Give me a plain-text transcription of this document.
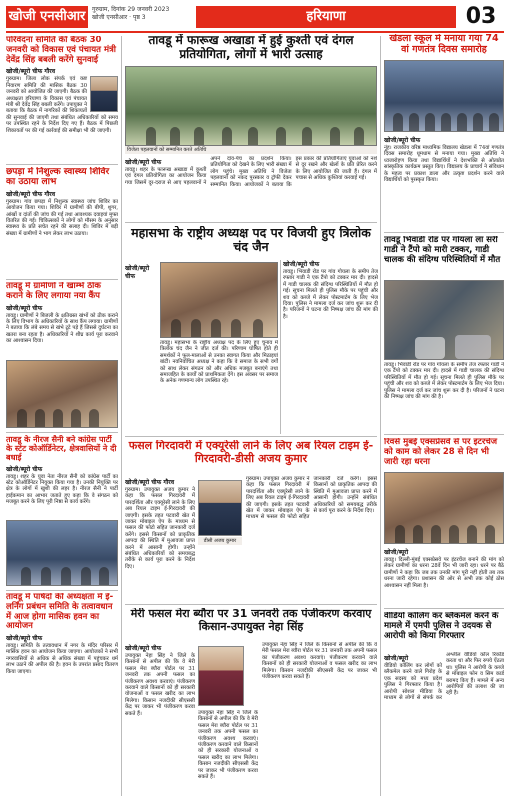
खोजी एनसीआर	गुरुग्राम, दिनांक 29 जनवरी 2023
खोजी एनसीआर · पृष्ठ 3	हरियाणा	03
परिवेदना समिति की बैठक 30 जनवरी को विकास एवं पंचायत मंत्री देवेंद्र सिंह बबली करेंगे सुनवाई
खोजी/ब्यूरो चीफ गौरव
गुरुग्राम। जिला लोक संपर्क एवं कष्ट निवारण समिति की मासिक बैठक 30 जनवरी को आयोजित की जाएगी। बैठक की अध्यक्षता हरियाणा के विकास एवं पंचायत मंत्री श्री देवेंद्र सिंह बबली करेंगे। उपायुक्त ने बताया कि बैठक में नागरिकों की शिकायतों की सुनवाई की जाएगी तथा संबंधित अधिकारियों को समय पर उपस्थित रहने के निर्देश दिए गए हैं। बैठक में पिछली शिकायतों पर की गई कार्रवाई की समीक्षा भी की जाएगी।
छपड़ा में निशुल्क स्वास्थ्य शिविर का उठाया लाभ
खोजी/ब्यूरो चीफ गौरव
गुरुग्राम। गांव छपड़ा में निशुल्क स्वास्थ्य जांच शिविर का आयोजन किया गया। शिविर में ग्रामीणों की बीपी, शुगर, आंखों व दांतों की जांच की गई तथा आवश्यक दवाइयां मुफ्त वितरित की गईं। चिकित्सकों ने लोगों को मौसम के अनुसार स्वास्थ्य के प्रति सचेत रहने की सलाह दी। शिविर में बड़ी संख्या में ग्रामीणों ने भाग लेकर लाभ उठाया।
तावडू में ग्रामीणों ने खाम्भे ठीक कराने के लिए लगाया नया कैंप
खोजी/ब्यूरो चीफ
तावडू। ग्रामीणों ने बिजली के क्षतिग्रस्त खंभों को ठीक कराने के लिए विभाग के अधिकारियों के साथ कैंप लगाया। ग्रामीणों ने बताया कि लंबे समय से खंभे टूटे पड़े हैं जिससे दुर्घटना का खतरा बना रहता है। अधिकारियों ने शीघ्र कार्य पूरा करवाने का आश्वासन दिया।
तावडू के नीरज सैनी बने कांग्रेस पार्टी के स्टेट कोऑर्डिनेटर, क्षेत्रवासियों ने दी बधाई
खोजी/ब्यूरो चीफ
तावडू। शहर के युवा नेता नीरज सैनी को कांग्रेस पार्टी का स्टेट कोऑर्डिनेटर नियुक्त किया गया है। उनकी नियुक्ति पर क्षेत्र के लोगों में खुशी की लहर है। नीरज सैनी ने पार्टी हाईकमान का आभार जताते हुए कहा कि वे संगठन को मजबूत करने के लिए पूरी निष्ठा से कार्य करेंगे।
तावडू में पार्षदों की अध्यक्षता में ई-लर्निंग प्रबंधन समिति के तत्वावधान में आज होगा मासिक हवन का आयोजन
खोजी/ब्यूरो चीफ
तावडू। समिति के तत्वावधान में नगर के मंदिर परिसर में मासिक हवन का आयोजन किया जाएगा। आयोजकों ने सभी नगरवासियों से अधिक से अधिक संख्या में पहुंचकर धर्म लाभ उठाने की अपील की है। हवन के उपरांत प्रसाद वितरण किया जाएगा।
तावडू में फारूख अखाडा में हुई कुश्ती एवं दंगल प्रतियोगिता, लोगों में भारी उत्साह
विजेता पहलवानों को सम्मानित करते अतिथि
खोजी/ब्यूरो चीफ
तावडू। शहर के फारूख अखाडा में कुश्ती एवं दंगल प्रतियोगिता का आयोजन किया गया जिसमें दूर-दराज से आए पहलवानों ने अपने दांव-पेच का प्रदर्शन किया। प्रतियोगिता को देखने के लिए भारी संख्या में लोग पहुंचे। मुख्य अतिथि ने विजेता पहलवानों को नकद पुरस्कार व ट्रॉफी देकर सम्मानित किया। आयोजकों ने बताया कि इस प्रकार की प्रतियोगिताएं युवाओं को नशे से दूर रखने और खेलों के प्रति प्रेरित करने के लिए आयोजित की जाती हैं। दंगल में पचास से अधिक कुश्तियां करवाई गईं।
महासभा के राष्ट्रीय अध्यक्ष पद पर विजयी हुए त्रिलोक चंद जैन
खोजी/ब्यूरो चीफ
तावडू। महासभा के राष्ट्रीय अध्यक्ष पद के लिए हुए चुनाव में त्रिलोक चंद जैन ने जीत दर्ज की। परिणाम घोषित होते ही समर्थकों ने फूल-मालाओं से उनका स्वागत किया और मिठाइयां बांटीं। नवनिर्वाचित अध्यक्ष ने कहा कि वे समाज के सभी वर्गों को साथ लेकर संगठन को और अधिक मजबूत बनाएंगे तथा समाजहित के कार्यों को प्राथमिकता देंगे। इस अवसर पर समाज के अनेक गणमान्य लोग उपस्थित रहे।
खोजी/ब्यूरो चीफ
तावडू। भिवाडी रोड पर गांव गोयला के समीप तेज रफ्तार गाडी ने एक टैंपो को टक्कर मार दी। हादसे में गाडी चालक की संदिग्ध परिस्थितियों में मौत हो गई। सूचना मिलते ही पुलिस मौके पर पहुंची और शव को कब्जे में लेकर पोस्टमार्टम के लिए भेज दिया। पुलिस ने मामला दर्ज कर जांच शुरू कर दी है। परिजनों ने घटना की निष्पक्ष जांच की मांग की है।
फसल गिरदावरी में एक्यूरेसी लाने के लिए अब रियल टाइम ई-गिरदावरी-डीसी अजय कुमार
खोजी/ब्यूरो चीफ गौरव
गुरुग्राम। उपायुक्त अजय कुमार ने कहा कि फसल गिरदावरी में पारदर्शिता और एक्यूरेसी लाने के लिए अब रियल टाइम ई-गिरदावरी की जाएगी। इसके तहत पटवारी खेत में जाकर मोबाइल ऐप के माध्यम से फसल की फोटो सहित जानकारी दर्ज करेंगे। इससे किसानों को प्राकृतिक आपदा की स्थिति में मुआवजा प्राप्त करने में आसानी होगी। उन्होंने संबंधित अधिकारियों को समयबद्ध तरीके से कार्य पूरा करने के निर्देश दिए।
डीसी अजय कुमार
गुरुग्राम। उपायुक्त अजय कुमार ने कहा कि फसल गिरदावरी में पारदर्शिता और एक्यूरेसी लाने के लिए अब रियल टाइम ई-गिरदावरी की जाएगी। इसके तहत पटवारी खेत में जाकर मोबाइल ऐप के माध्यम से फसल की फोटो सहित जानकारी दर्ज करेंगे। इससे किसानों को प्राकृतिक आपदा की स्थिति में मुआवजा प्राप्त करने में आसानी होगी। उन्होंने संबंधित अधिकारियों को समयबद्ध तरीके से कार्य पूरा करने के निर्देश दिए।
मेरी फसल मेरा ब्यौरा पर 31 जनवरी तक पंजीकरण करवाए किसान-उपायुक्त नेहा सिंह
खोजी/ब्यूरो चीफ
उपायुक्त नेहा सिंह ने जिले के किसानों से अपील की कि वे मेरी फसल मेरा ब्यौरा पोर्टल पर 31 जनवरी तक अपनी फसल का पंजीकरण अवश्य करवाएं। पंजीकरण करवाने वाले किसानों को ही सरकारी योजनाओं व फसल खरीद का लाभ मिलेगा। किसान नजदीकी सीएससी केंद्र पर जाकर भी पंजीकरण करवा सकते हैं।	उपायुक्त नेहा सिंह ने जिले के किसानों से अपील की कि वे मेरी फसल मेरा ब्यौरा पोर्टल पर 31 जनवरी तक अपनी फसल का पंजीकरण अवश्य करवाएं। पंजीकरण करवाने वाले किसानों को ही सरकारी योजनाओं व फसल खरीद का लाभ मिलेगा। किसान नजदीकी सीएससी केंद्र पर जाकर भी पंजीकरण करवा सकते हैं।
उपायुक्त नेहा सिंह ने जिले के किसानों से अपील की कि वे मेरी फसल मेरा ब्यौरा पोर्टल पर 31 जनवरी तक अपनी फसल का पंजीकरण अवश्य करवाएं। पंजीकरण करवाने वाले किसानों को ही सरकारी योजनाओं व फसल खरीद का लाभ मिलेगा। किसान नजदीकी सीएससी केंद्र पर जाकर भी पंजीकरण करवा सकते हैं।
खेडला स्कूल में मनाया गया 74 वां गणतंत्र दिवस समारोह
खोजी/ब्यूरो चीफ
नूंह। राजकीय वरिष्ठ माध्यमिक विद्यालय खेडला में 74वां गणतंत्र दिवस समारोह धूमधाम से मनाया गया। मुख्य अतिथि ने ध्वजारोहण किया तथा विद्यार्थियों ने देशभक्ति से ओतप्रोत सांस्कृतिक कार्यक्रम प्रस्तुत किए। विद्यालय के प्राचार्य ने संविधान के महत्व पर प्रकाश डाला और उत्कृष्ट प्रदर्शन करने वाले विद्यार्थियों को पुरस्कृत किया।
तावडू भिवाडी रोड पर गोयला ला सरी गाडी ने टैंपो को मारी टक्कर, गाडी चालक की संदिग्ध परिस्थितियों में मौत
तावडू। भिवाडी रोड पर गांव गोयला के समीप तेज रफ्तार गाडी ने एक टैंपो को टक्कर मार दी। हादसे में गाडी चालक की संदिग्ध परिस्थितियों में मौत हो गई। सूचना मिलते ही पुलिस मौके पर पहुंची और शव को कब्जे में लेकर पोस्टमार्टम के लिए भेज दिया। पुलिस ने मामला दर्ज कर जांच शुरू कर दी है। परिजनों ने घटना की निष्पक्ष जांच की मांग की है।
रिवर्स मुंबई एक्सप्रेसवे से पर इंटरचेंज को काम को लेकर 28 से दिन भी जारी रहा धरना
खोजी/ब्यूरो
तावडू। दिल्ली-मुंबई एक्सप्रेसवे पर इंटरचेंज बनाने की मांग को लेकर ग्रामीणों का धरना 28वें दिन भी जारी रहा। धरने पर बैठे ग्रामीणों ने कहा कि जब तक उनकी मांग पूरी नहीं होती तब तक धरना जारी रहेगा। प्रशासन की ओर से अभी तक कोई ठोस आश्वासन नहीं मिला है।
वीडियो कॉलिंग कर ब्लैकमेल करने के मामले में एमपी पुलिस ने उदयक से आरोपी को किया गिरफ्तार
खोजी/ब्यूरो
वीडियो कॉलिंग कर लोगों को ब्लैकमेल करने वाले गिरोह के एक सदस्य को मध्य प्रदेश पुलिस ने गिरफ्तार किया है। आरोपी सोशल मीडिया के माध्यम से लोगों से संपर्क कर अश्लील वीडियो कॉल रिकॉर्ड करता था और फिर रुपये ऐंठता था। पुलिस ने आरोपी के कब्जे से मोबाइल फोन व सिम कार्ड बरामद किए हैं। मामले में अन्य आरोपियों की तलाश की जा रही है।
